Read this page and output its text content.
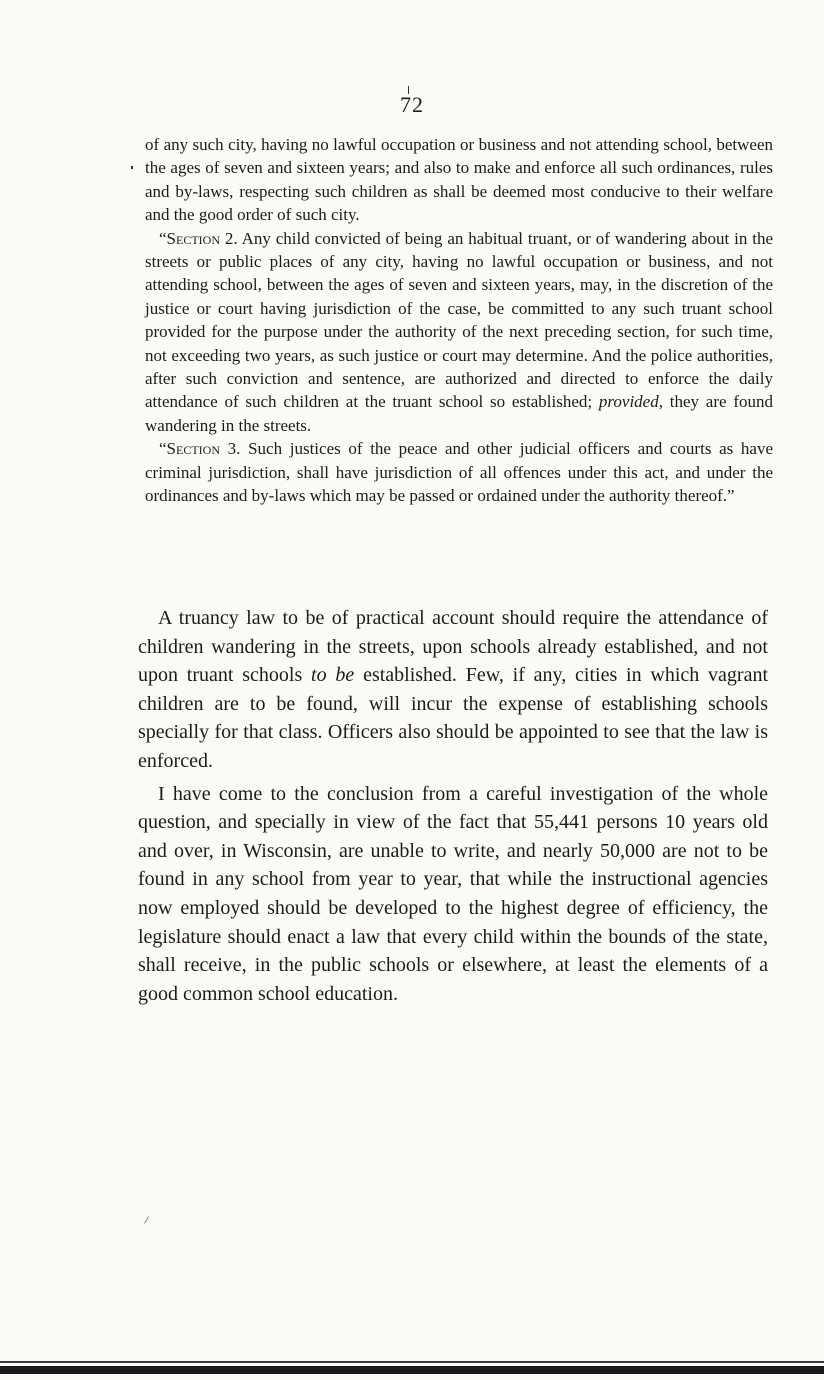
72

of any such city, having no lawful occupation or business and not attending school, between the ages of seven and sixteen years; and also to make and enforce all such ordinances, rules and by-laws, respecting such children as shall be deemed most conducive to their welfare and the good order of such city.

“Section 2. Any child convicted of being an habitual truant, or of wandering about in the streets or public places of any city, having no lawful occupation or business, and not attending school, between the ages of seven and sixteen years, may, in the discretion of the justice or court having jurisdiction of the case, be committed to any such truant school provided for the purpose under the authority of the next preceding section, for such time, not exceeding two years, as such justice or court may determine. And the police authorities, after such conviction and sentence, are authorized and directed to enforce the daily attendance of such children at the truant school so established; provided, they are found wandering in the streets.

“Section 3. Such justices of the peace and other judicial officers and courts as have criminal jurisdiction, shall have jurisdiction of all offences under this act, and under the ordinances and by-laws which may be passed or ordained under the authority thereof.”

A truancy law to be of practical account should require the attendance of children wandering in the streets, upon schools already established, and not upon truant schools to be established. Few, if any, cities in which vagrant children are to be found, will incur the expense of establishing schools specially for that class. Officers also should be appointed to see that the law is enforced.

I have come to the conclusion from a careful investigation of the whole question, and specially in view of the fact that 55,441 persons 10 years old and over, in Wisconsin, are unable to write, and nearly 50,000 are not to be found in any school from year to year, that while the instructional agencies now employed should be developed to the highest degree of efficiency, the legislature should enact a law that every child within the bounds of the state, shall receive, in the public schools or elsewhere, at least the elements of a good common school education.
